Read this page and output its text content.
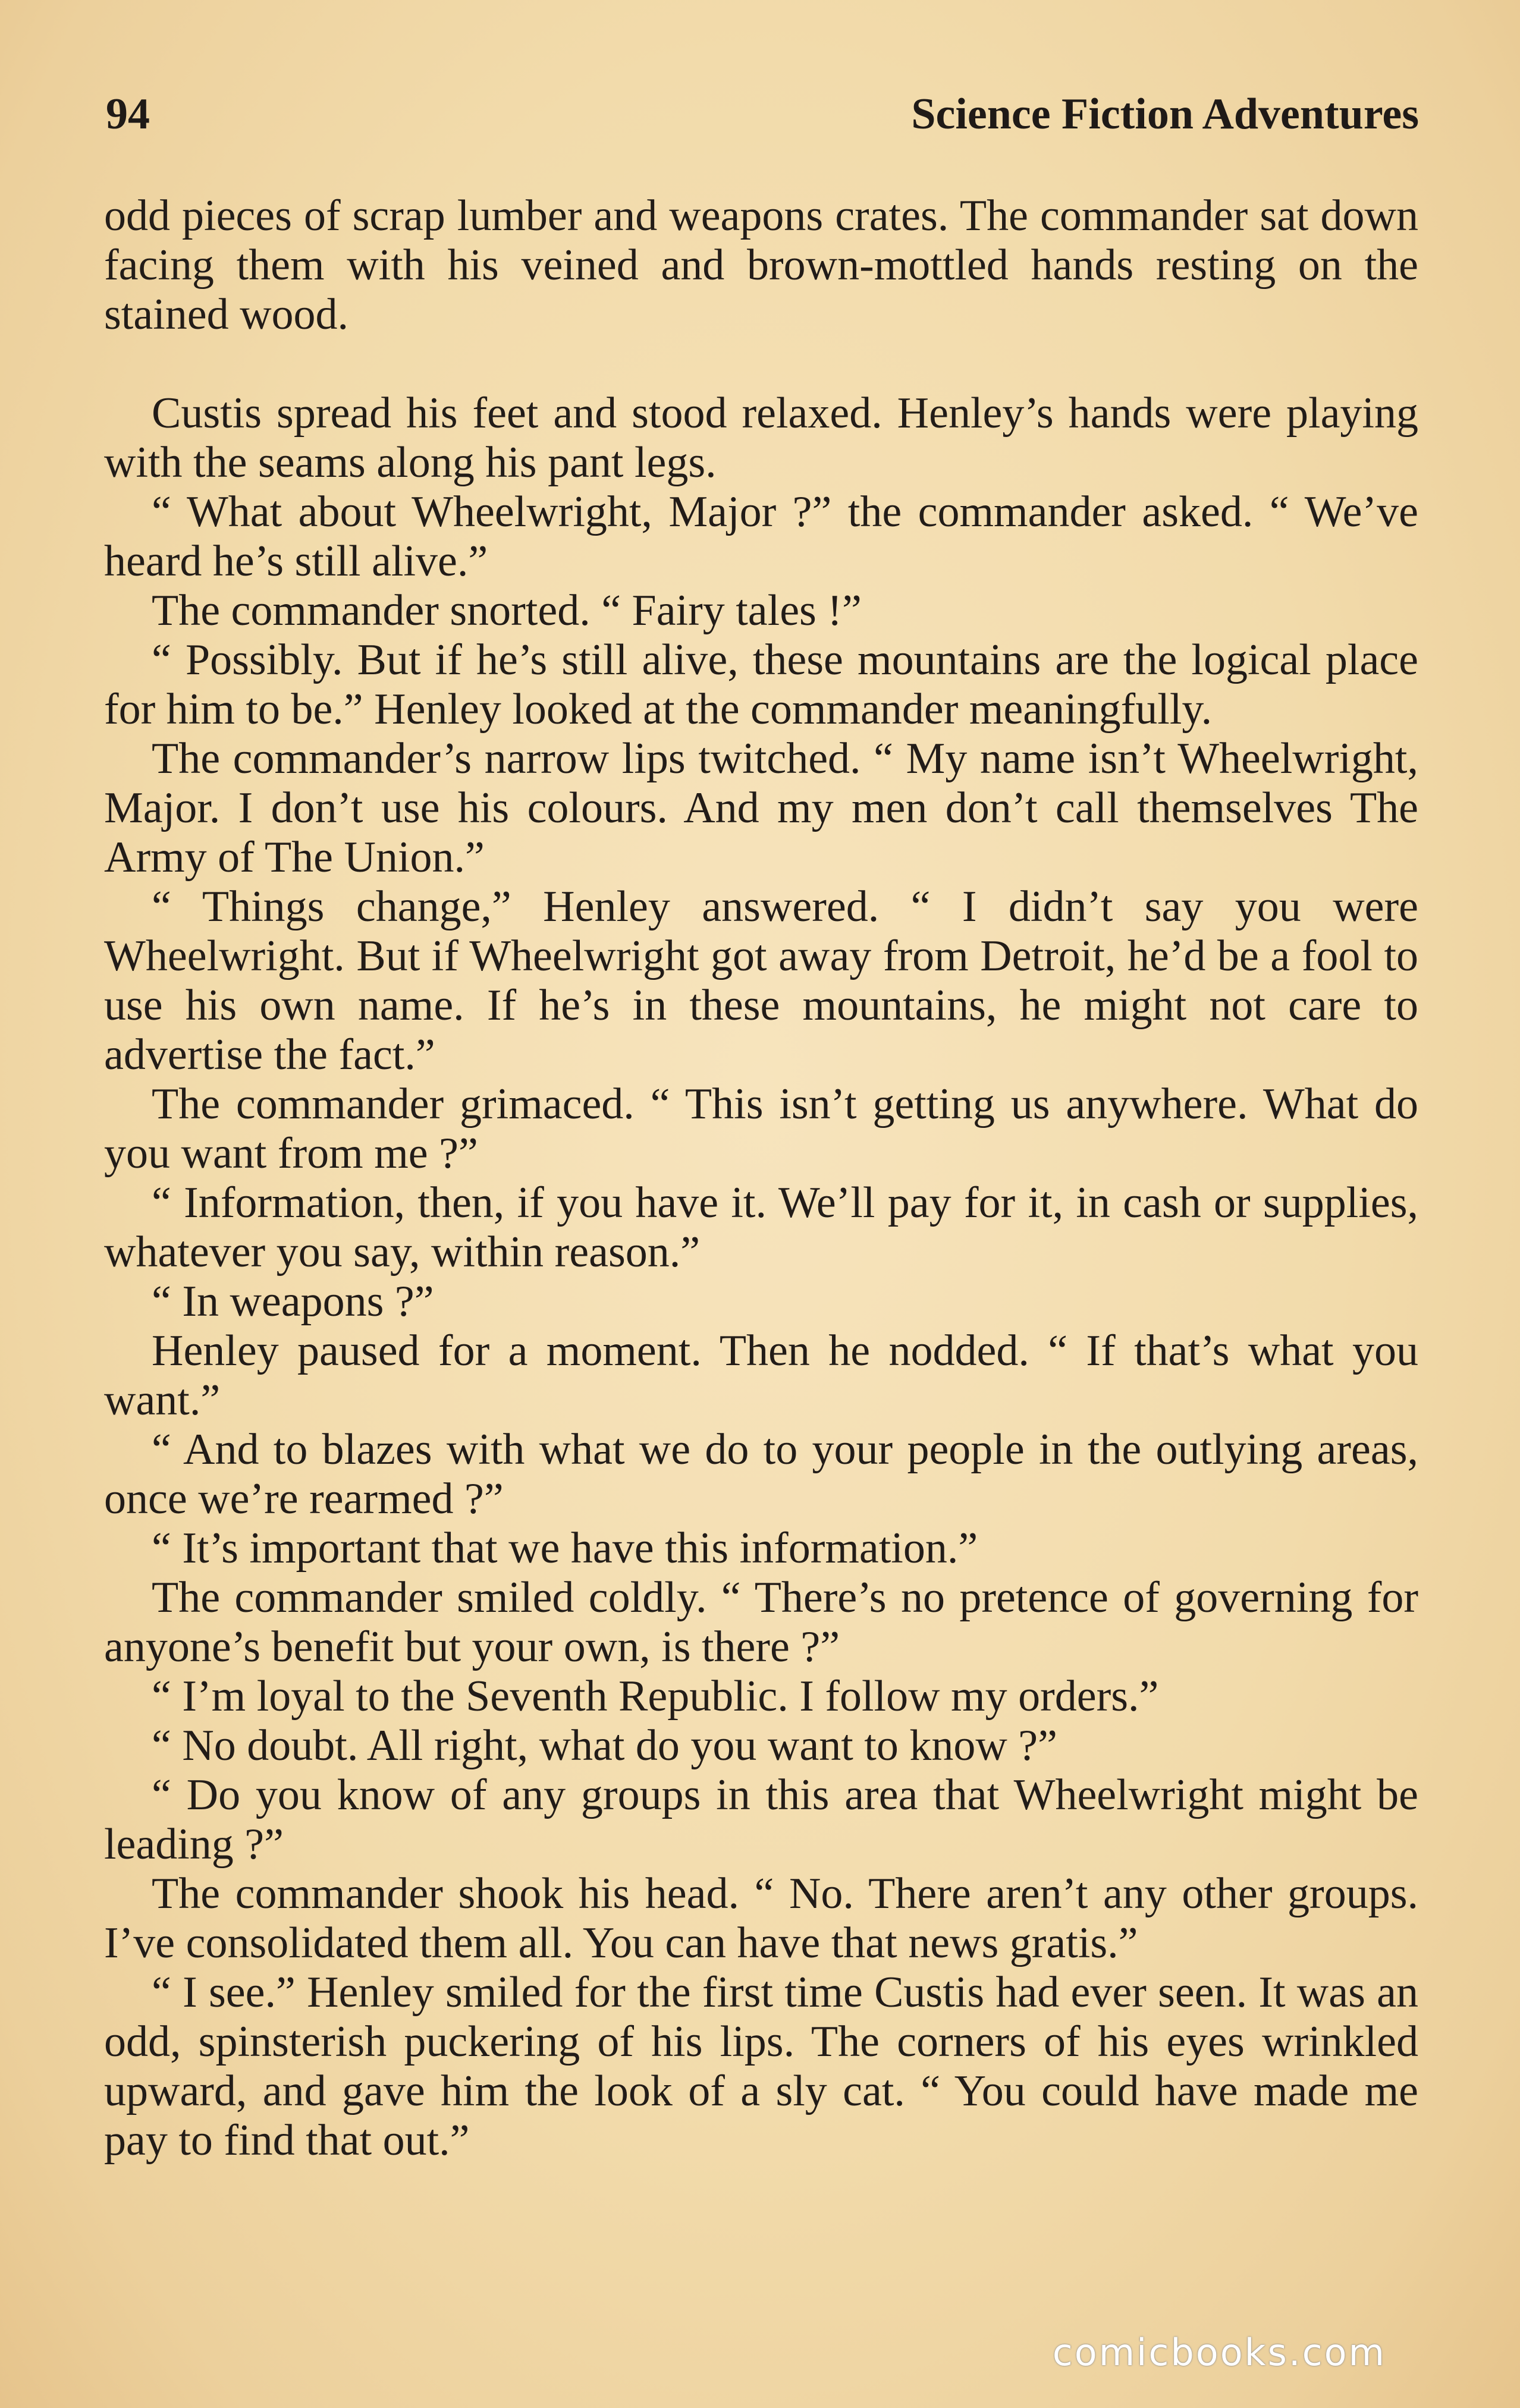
94	Science Fiction Adventures

odd pieces of scrap lumber and weapons crates. The commander sat down facing them with his veined and brown-mottled hands resting on the stained wood.

Custis spread his feet and stood relaxed. Henley’s hands were playing with the seams along his pant legs.

“ What about Wheelwright, Major ?” the commander asked. “ We’ve heard he’s still alive.”

The commander snorted. “ Fairy tales !”

“ Possibly. But if he’s still alive, these mountains are the logical place for him to be.” Henley looked at the commander meaningfully.

The commander’s narrow lips twitched. “ My name isn’t Wheelwright, Major. I don’t use his colours. And my men don’t call themselves The Army of The Union.”

“ Things change,” Henley answered. “ I didn’t say you were Wheelwright. But if Wheelwright got away from Detroit, he’d be a fool to use his own name. If he’s in these mountains, he might not care to advertise the fact.”

The commander grimaced. “ This isn’t getting us anywhere. What do you want from me ?”

“ Information, then, if you have it. We’ll pay for it, in cash or supplies, whatever you say, within reason.”

“ In weapons ?”

Henley paused for a moment. Then he nodded. “ If that’s what you want.”

“ And to blazes with what we do to your people in the outlying areas, once we’re rearmed ?”

“ It’s important that we have this information.”

The commander smiled coldly. “ There’s no pretence of governing for anyone’s benefit but your own, is there ?”

“ I’m loyal to the Seventh Republic. I follow my orders.”

“ No doubt. All right, what do you want to know ?”

“ Do you know of any groups in this area that Wheelwright might be leading ?”

The commander shook his head. “ No. There aren’t any other groups. I’ve consolidated them all. You can have that news gratis.”

“ I see.” Henley smiled for the first time Custis had ever seen. It was an odd, spinsterish puckering of his lips. The corners of his eyes wrinkled upward, and gave him the look of a sly cat. “ You could have made me pay to find that out.”

comicbooks.com
